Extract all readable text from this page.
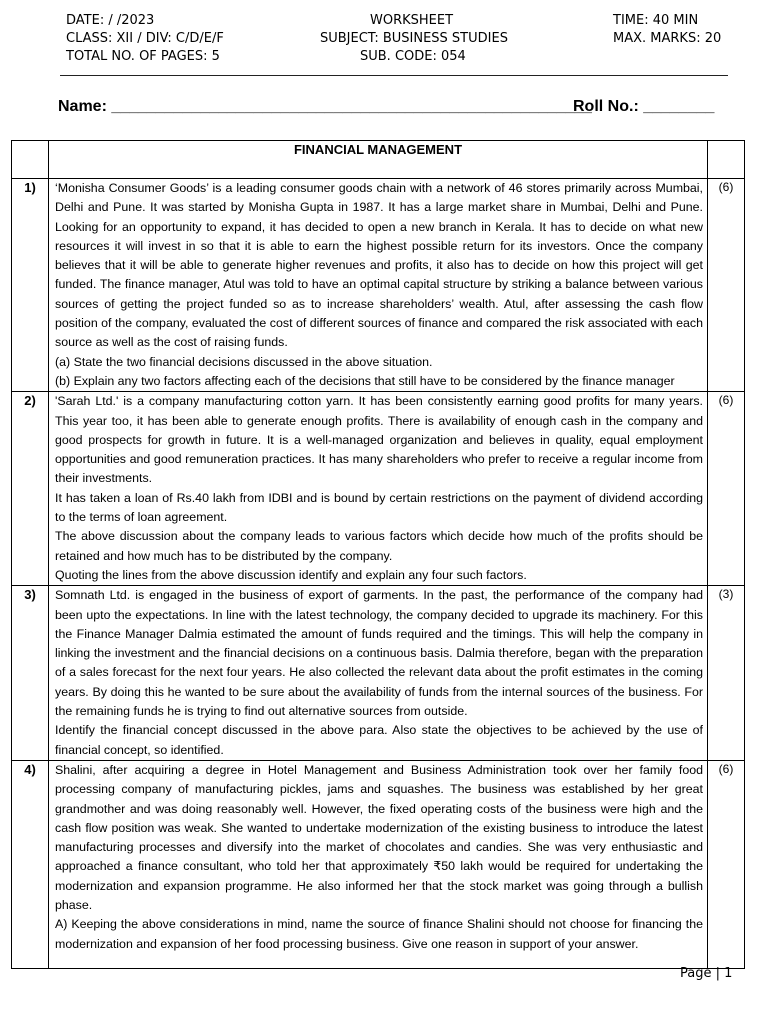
DATE: / /2023
CLASS: XII / DIV: C/D/E/F
TOTAL NO. OF PAGES: 5
WORKSHEET
SUBJECT: BUSINESS STUDIES
SUB. CODE: 054
TIME: 40 MIN
MAX. MARKS: 20
Name: ______________________________________________________
Roll No.: ________
	FINANCIAL MANAGEMENT	
1)	‘Monisha Consumer Goods’ is a leading consumer goods chain with a network of 46 stores primarily across Mumbai, Delhi and Pune. It was started by Monisha Gupta in 1987. It has a large market share in Mumbai, Delhi and Pune. Looking for an opportunity to expand, it has decided to open a new branch in Kerala. It has to decide on what new resources it will invest in so that it is able to earn the highest possible return for its investors. Once the company believes that it will be able to generate higher revenues and profits, it also has to decide on how this project will get funded. The finance manager, Atul was told to have an optimal capital structure by striking a balance between various sources of getting the project funded so as to increase shareholders’ wealth. Atul, after assessing the cash flow position of the company, evaluated the cost of different sources of finance and compared the risk associated with each source as well as the cost of raising funds.

(a) State the two financial decisions discussed in the above situation.

(b) Explain any two factors affecting each of the decisions that still have to be considered by the finance manager	(6)
2)	'Sarah Ltd.' is a company manufacturing cotton yarn. It has been consistently earning good profits for many years. This year too, it has been able to generate enough profits. There is availability of enough cash in the company and good prospects for growth in future. It is a well-managed organization and believes in quality, equal employment opportunities and good remuneration practices. It has many shareholders who prefer to receive a regular income from their investments.

It has taken a loan of Rs.40 lakh from IDBI and is bound by certain restrictions on the payment of dividend according to the terms of loan agreement.

The above discussion about the company leads to various factors which decide how much of the profits should be retained and how much has to be distributed by the company.

Quoting the lines from the above discussion identify and explain any four such factors.	(6)
3)	Somnath Ltd. is engaged in the business of export of garments. In the past, the performance of the company had been upto the expectations. In line with the latest technology, the company decided to upgrade its machinery. For this the Finance Manager Dalmia estimated the amount of funds required and the timings. This will help the company in linking the investment and the financial decisions on a continuous basis. Dalmia therefore, began with the preparation of a sales forecast for the next four years. He also collected the relevant data about the profit estimates in the coming years. By doing this he wanted to be sure about the availability of funds from the internal sources of the business. For the remaining funds he is trying to find out alternative sources from outside.

Identify the financial concept discussed in the above para. Also state the objectives to be achieved by the use of financial concept, so identified.	(3)
4)	Shalini, after acquiring a degree in Hotel Management and Business Administration took over her family food processing company of manufacturing pickles, jams and squashes. The business was established by her great grandmother and was doing reasonably well. However, the fixed operating costs of the business were high and the cash flow position was weak. She wanted to undertake modernization of the existing business to introduce the latest manufacturing processes and diversify into the market of chocolates and candies. She was very enthusiastic and approached a finance consultant, who told her that approximately ₹50 lakh would be required for undertaking the modernization and expansion programme. He also informed her that the stock market was going through a bullish phase.

A) Keeping the above considerations in mind, name the source of finance Shalini should not choose for financing the modernization and expansion of her food processing business. Give one reason in support of your answer.	(6)
Page | 1
